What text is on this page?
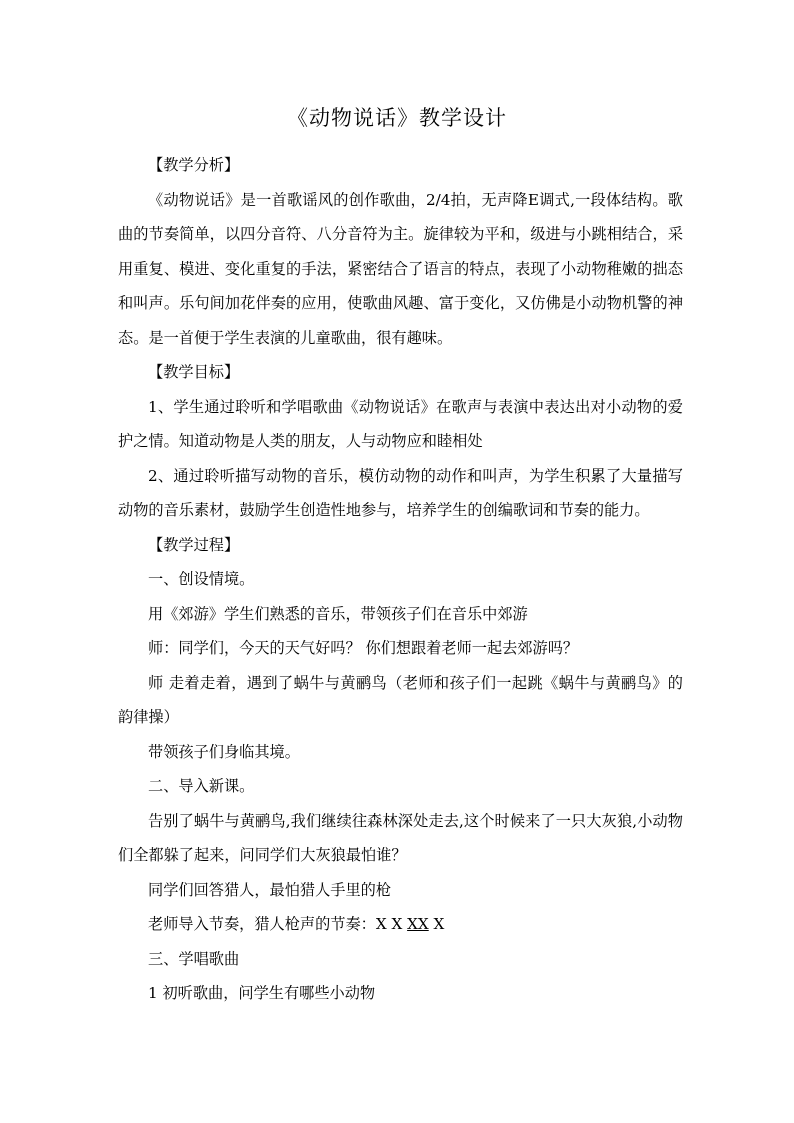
《动物说话》教学设计

【教学分析】

《动物说话》是一首歌谣风的创作歌曲，2/4拍，无声降E调式,一段体结构。歌曲的节奏简单，以四分音符、八分音符为主。旋律较为平和，级进与小跳相结合，采用重复、模进、变化重复的手法，紧密结合了语言的特点，表现了小动物稚嫩的拙态和叫声。乐句间加花伴奏的应用，使歌曲风趣、富于变化，又仿佛是小动物机警的神态。是一首便于学生表演的儿童歌曲，很有趣味。

【教学目标】

1、学生通过聆听和学唱歌曲《动物说话》在歌声与表演中表达出对小动物的爱护之情。知道动物是人类的朋友，人与动物应和睦相处

2、通过聆听描写动物的音乐，模仿动物的动作和叫声，为学生积累了大量描写动物的音乐素材，鼓励学生创造性地参与，培养学生的创编歌词和节奏的能力。

【教学过程】

一、创设情境。

用《郊游》学生们熟悉的音乐，带领孩子们在音乐中郊游

师：同学们，今天的天气好吗？ 你们想跟着老师一起去郊游吗？

师 走着走着，遇到了蜗牛与黄鹂鸟（老师和孩子们一起跳《蜗牛与黄鹂鸟》的韵律操）

带领孩子们身临其境。

二、导入新课。

告别了蜗牛与黄鹂鸟,我们继续往森林深处走去,这个时候来了一只大灰狼,小动物们全都躲了起来，问同学们大灰狼最怕谁？

同学们回答猎人，最怕猎人手里的枪

老师导入节奏，猎人枪声的节奏：X X XX X

三、学唱歌曲

1 初听歌曲，问学生有哪些小动物
